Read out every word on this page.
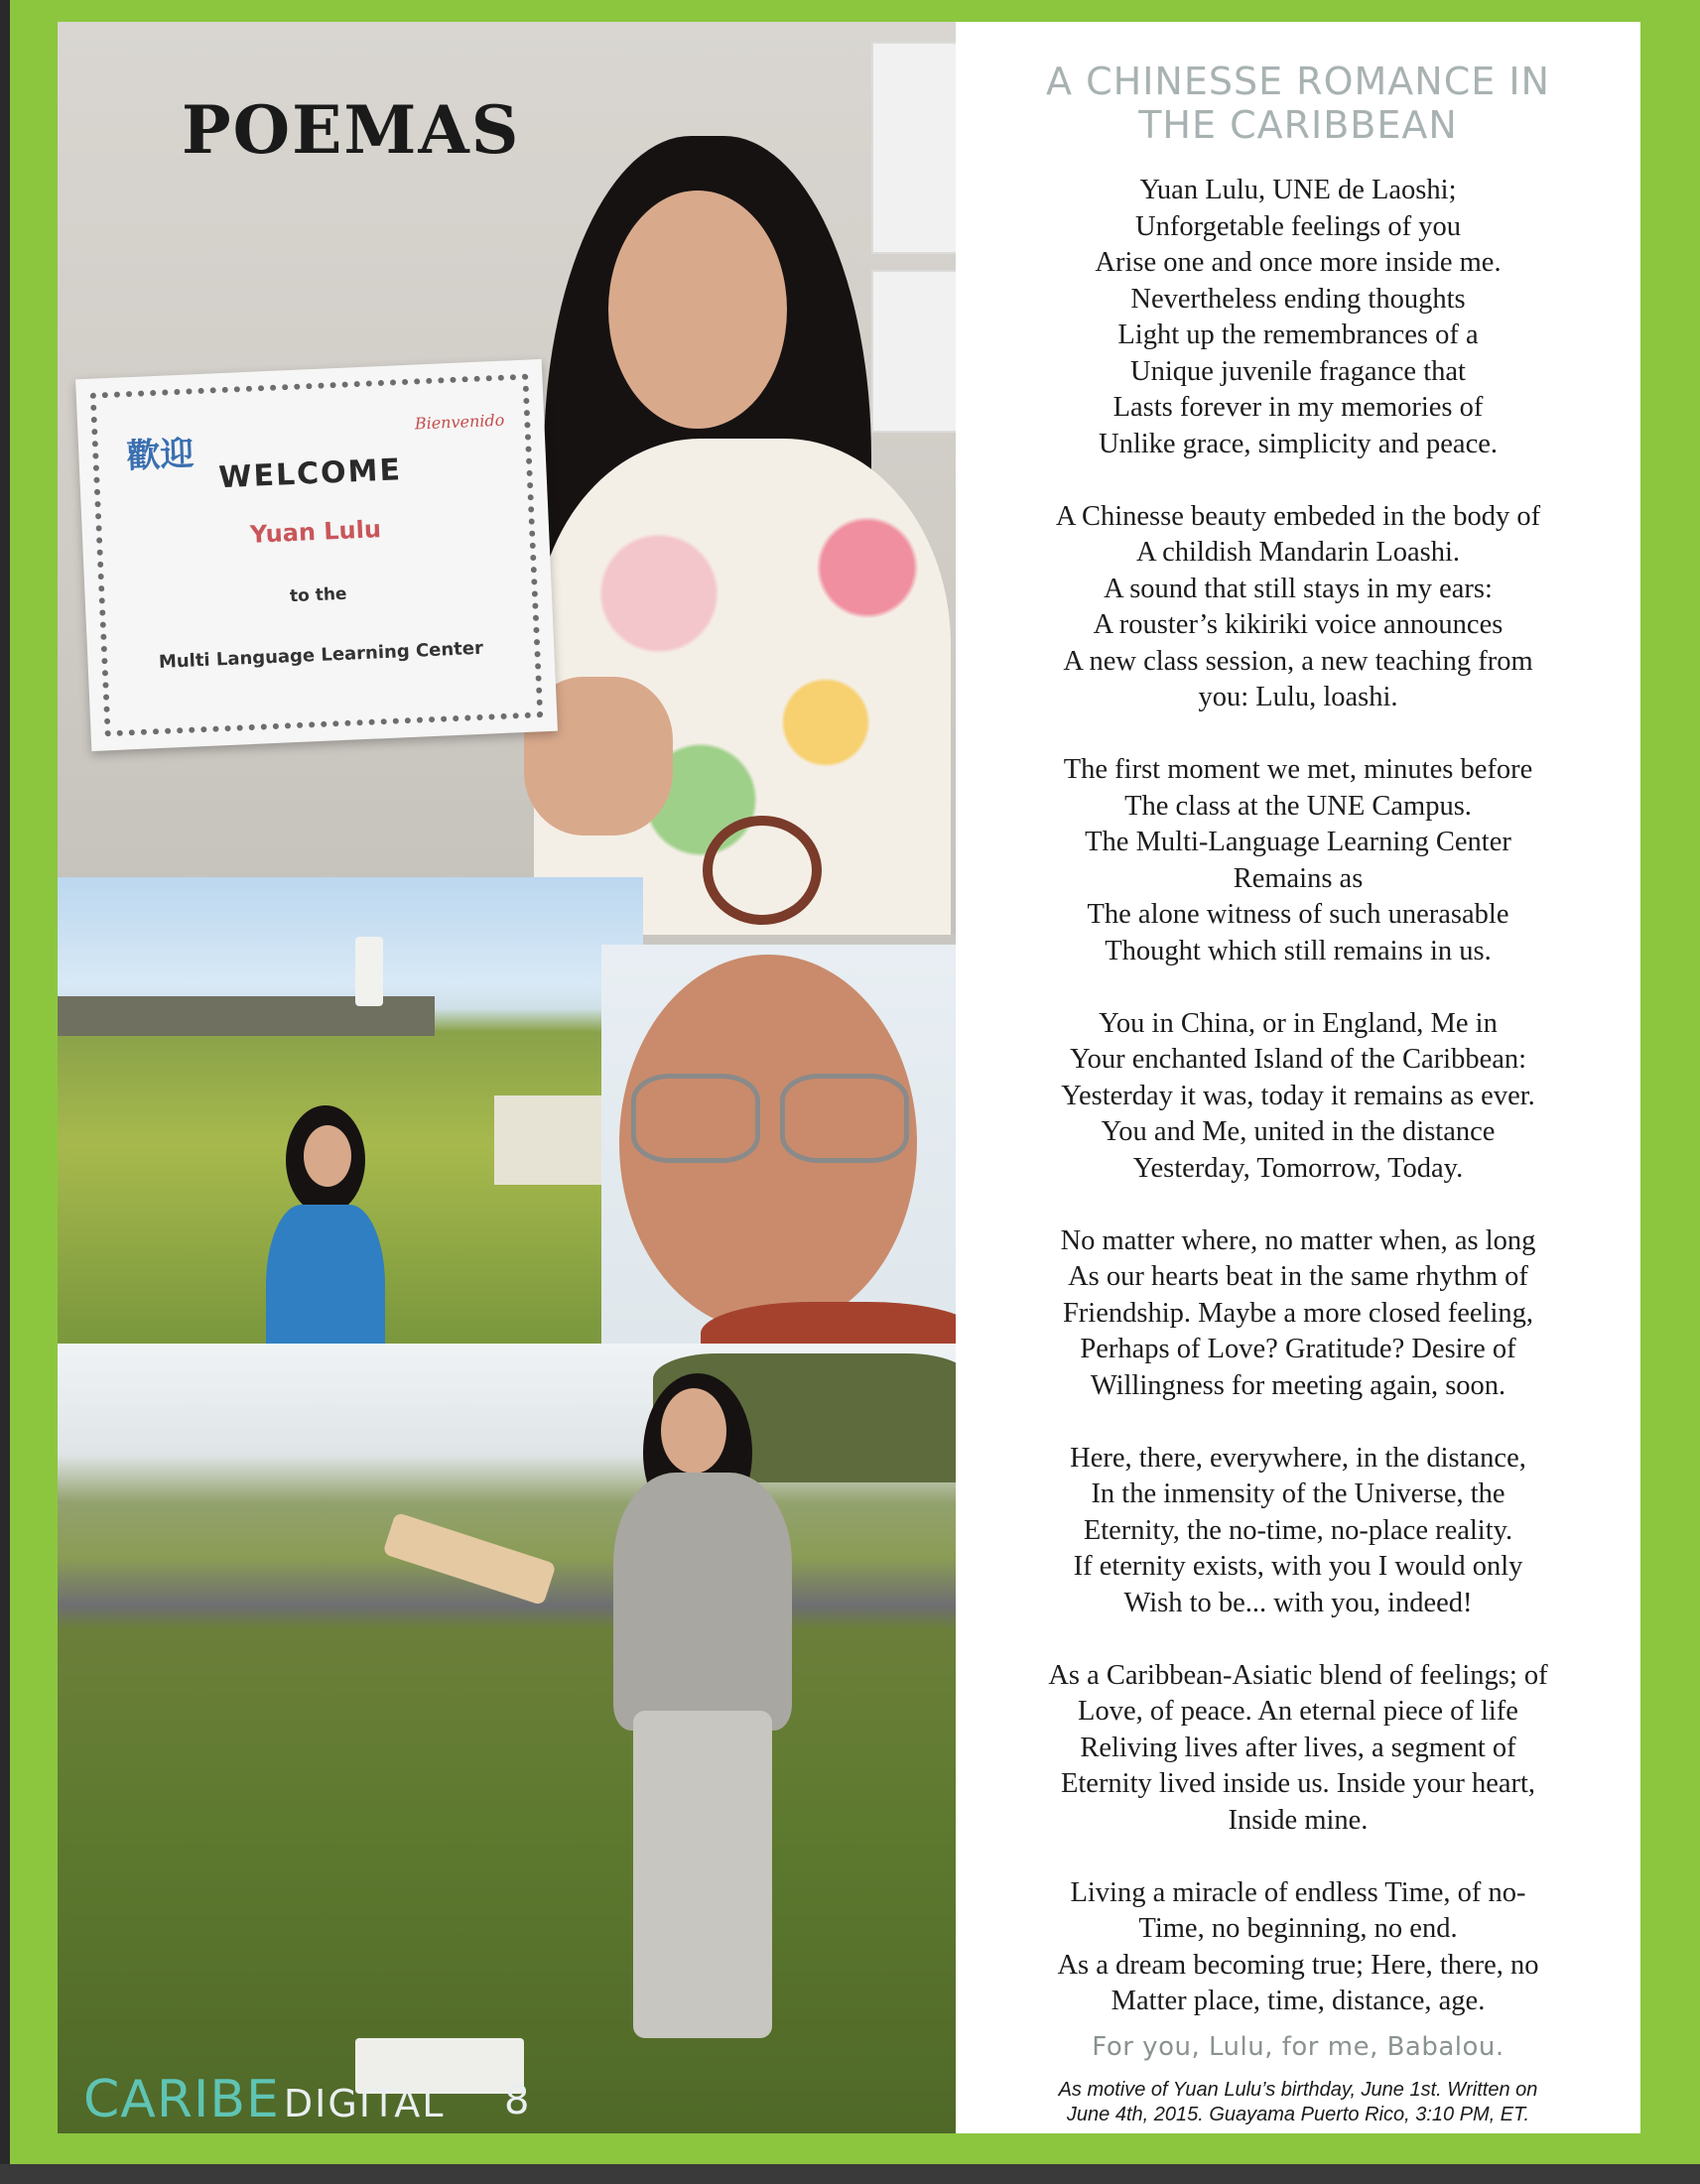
歡迎
Bienvenido
WELCOME
Yuan Lulu
to the
Multi Language Learning Center
POEMAS
CARIBE DIGITAL 8
A CHINESSE ROMANCE IN
THE CARIBBEAN
Yuan Lulu, UNE de Laoshi;
Unforgetable feelings of you
Arise one and once more inside me.
Nevertheless ending thoughts
Light up the remembrances of a
Unique juvenile fragance that
Lasts forever in my memories of
Unlike grace, simplicity and peace.
A Chinesse beauty embeded in the body of
A childish Mandarin Loashi.
A sound that still stays in my ears:
A rouster’s kikiriki voice announces
A new class session, a new teaching from
you: Lulu, loashi.
The first moment we met, minutes before
The class at the UNE Campus.
The Multi-Language Learning Center
Remains as
The alone witness of such unerasable
Thought which still remains in us.
You in China, or in England, Me in
Your enchanted Island of the Caribbean:
Yesterday it was, today it remains as ever.
You and Me, united in the distance
Yesterday, Tomorrow, Today.
No matter where, no matter when, as long
As our hearts beat in the same rhythm of
Friendship. Maybe a more closed feeling,
Perhaps of Love? Gratitude? Desire of
Willingness for meeting again, soon.
Here, there, everywhere, in the distance,
In the inmensity of the Universe, the
Eternity, the no-time, no-place reality.
If eternity exists, with you I would only
Wish to be... with you, indeed!
As a Caribbean-Asiatic blend of feelings; of
Love, of peace. An eternal piece of life
Reliving lives after lives, a segment of
Eternity lived inside us. Inside your heart,
Inside mine.
Living a miracle of endless Time, of no-
Time, no beginning, no end.
As a dream becoming true; Here, there, no
Matter place, time, distance, age.
For you, Lulu, for me, Babalou.
As motive of Yuan Lulu’s birthday, June 1st. Written on
June 4th, 2015. Guayama Puerto Rico, 3:10 PM, ET.
